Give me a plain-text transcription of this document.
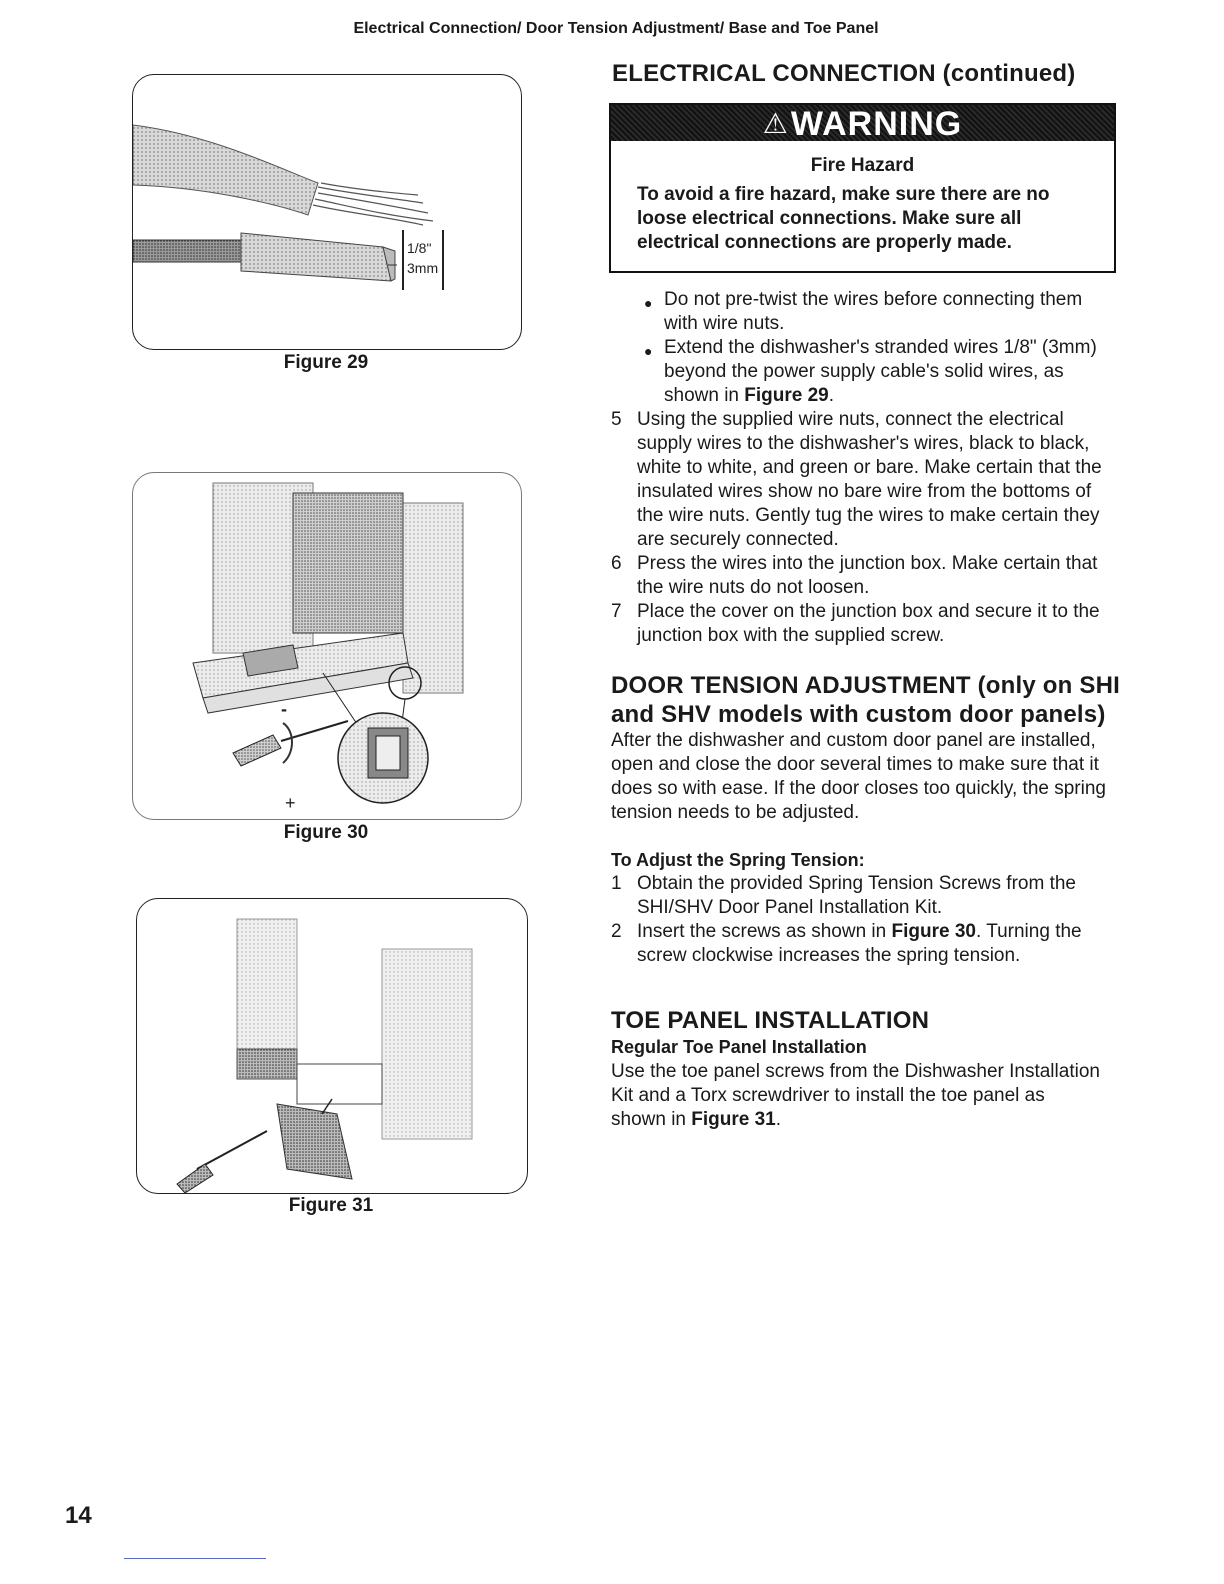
Electrical Connection/ Door Tension Adjustment/ Base and Toe Panel
1/8"
3mm
Figure 29
-
+
Figure 30
Figure 31
ELECTRICAL CONNECTION (continued)
⚠WARNING
Fire Hazard
To avoid a fire hazard, make sure there are no loose electrical connections. Make sure all electrical connections are properly made.
● Do not pre-twist the wires before connecting them with wire nuts.
● Extend the dishwasher's stranded wires 1/8" (3mm) beyond the power supply cable's solid wires, as shown in Figure 29.
5 Using the supplied wire nuts, connect the electrical supply wires to the dishwasher's wires, black to black, white to white, and green or bare. Make certain that the insulated wires show no bare wire from the bottoms of the wire nuts. Gently tug the wires to make certain they are securely connected.
6 Press the wires into the junction box. Make certain that the wire nuts do not loosen.
7 Place the cover on the junction box and secure it to the junction box with the supplied screw.
DOOR TENSION ADJUSTMENT (only on SHI
and SHV models with custom door panels)
After the dishwasher and custom door panel are installed, open and close the door several times to make sure that it does so with ease. If the door closes too quickly, the spring tension needs to be adjusted.
To Adjust the Spring Tension:
1 Obtain the provided Spring Tension Screws from the SHI/SHV Door Panel Installation Kit.
2 Insert the screws as shown in Figure 30. Turning the screw clockwise increases the spring tension.
TOE PANEL INSTALLATION
Regular Toe Panel Installation
Use the toe panel screws from the Dishwasher Installation Kit and a Torx screwdriver to install the toe panel as shown in Figure 31.
14
